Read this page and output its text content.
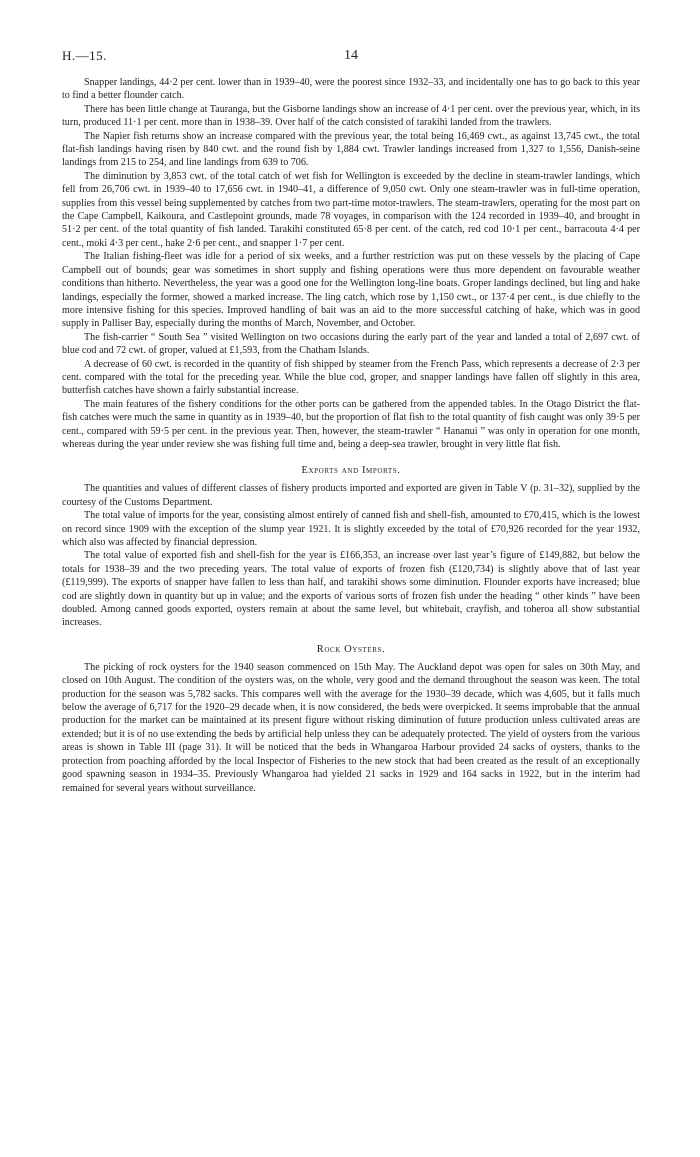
H.—15.	14

Snapper landings, 44·2 per cent. lower than in 1939–40, were the poorest since 1932–33, and incidentally one has to go back to this year to find a better flounder catch.

There has been little change at Tauranga, but the Gisborne landings show an increase of 4·1 per cent. over the previous year, which, in its turn, produced 11·1 per cent. more than in 1938–39. Over half of the catch consisted of tarakihi landed from the trawlers.

The Napier fish returns show an increase compared with the previous year, the total being 16,469 cwt., as against 13,745 cwt., the total flat-fish landings having risen by 840 cwt. and the round fish by 1,884 cwt. Trawler landings increased from 1,327 to 1,556, Danish-seine landings from 215 to 254, and line landings from 639 to 706.

The diminution by 3,853 cwt. of the total catch of wet fish for Wellington is exceeded by the decline in steam-trawler landings, which fell from 26,706 cwt. in 1939–40 to 17,656 cwt. in 1940–41, a difference of 9,050 cwt. Only one steam-trawler was in full-time operation, supplies from this vessel being supplemented by catches from two part-time motor-trawlers. The steam-trawlers, operating for the most part on the Cape Campbell, Kaikoura, and Castlepoint grounds, made 78 voyages, in comparison with the 124 recorded in 1939–40, and brought in 51·2 per cent. of the total quantity of fish landed. Tarakihi constituted 65·8 per cent. of the catch, red cod 10·1 per cent., barracouta 4·4 per cent., moki 4·3 per cent., hake 2·6 per cent., and snapper 1·7 per cent.

The Italian fishing-fleet was idle for a period of six weeks, and a further restriction was put on these vessels by the placing of Cape Campbell out of bounds; gear was sometimes in short supply and fishing operations were thus more dependent on favourable weather conditions than hitherto. Nevertheless, the year was a good one for the Wellington long-line boats. Groper landings declined, but ling and hake landings, especially the former, showed a marked increase. The ling catch, which rose by 1,150 cwt., or 137·4 per cent., is due chiefly to the more intensive fishing for this species. Improved handling of bait was an aid to the more successful catching of hake, which was in good supply in Palliser Bay, especially during the months of March, November, and October.

The fish-carrier “ South Sea ” visited Wellington on two occasions during the early part of the year and landed a total of 2,697 cwt. of blue cod and 72 cwt. of groper, valued at £1,593, from the Chatham Islands.

A decrease of 60 cwt. is recorded in the quantity of fish shipped by steamer from the French Pass, which represents a decrease of 2·3 per cent. compared with the total for the preceding year. While the blue cod, groper, and snapper landings have fallen off slightly in this area, butterfish catches have shown a fairly substantial increase.

The main features of the fishery conditions for the other ports can be gathered from the appended tables. In the Otago District the flat-fish catches were much the same in quantity as in 1939–40, but the proportion of flat fish to the total quantity of fish caught was only 39·5 per cent., compared with 59·5 per cent. in the previous year. Then, however, the steam-trawler “ Hananui ” was only in operation for one month, whereas during the year under review she was fishing full time and, being a deep-sea trawler, brought in very little flat fish.

Exports and Imports.

The quantities and values of different classes of fishery products imported and exported are given in Table V (p. 31–32), supplied by the courtesy of the Customs Department.

The total value of imports for the year, consisting almost entirely of canned fish and shell-fish, amounted to £70,415, which is the lowest on record since 1909 with the exception of the slump year 1921. It is slightly exceeded by the total of £70,926 recorded for the year 1932, which also was affected by financial depression.

The total value of exported fish and shell-fish for the year is £166,353, an increase over last year’s figure of £149,882, but below the totals for 1938–39 and the two preceding years. The total value of exports of frozen fish (£120,734) is slightly above that of last year (£119,999). The exports of snapper have fallen to less than half, and tarakihi shows some diminution. Flounder exports have increased; blue cod are slightly down in quantity but up in value; and the exports of various sorts of frozen fish under the heading “ other kinds ” have been doubled. Among canned goods exported, oysters remain at about the same level, but whitebait, crayfish, and toheroa all show substantial increases.

Rock Oysters.

The picking of rock oysters for the 1940 season commenced on 15th May. The Auckland depot was open for sales on 30th May, and closed on 10th August. The condition of the oysters was, on the whole, very good and the demand throughout the season was keen. The total production for the season was 5,782 sacks. This compares well with the average for the 1930–39 decade, which was 4,605, but it falls much below the average of 6,717 for the 1920–29 decade when, it is now considered, the beds were overpicked. It seems improbable that the annual production for the market can be maintained at its present figure without risking diminution of future production unless cultivated areas are extended; but it is of no use extending the beds by artificial help unless they can be adequately protected. The yield of oysters from the various areas is shown in Table III (page 31). It will be noticed that the beds in Whangaroa Harbour provided 24 sacks of oysters, thanks to the protection from poaching afforded by the local Inspector of Fisheries to the new stock that had been created as the result of an exceptionally good spawning season in 1934–35. Previously Whangaroa had yielded 21 sacks in 1929 and 164 sacks in 1922, but in the interim had remained for several years without surveillance.
